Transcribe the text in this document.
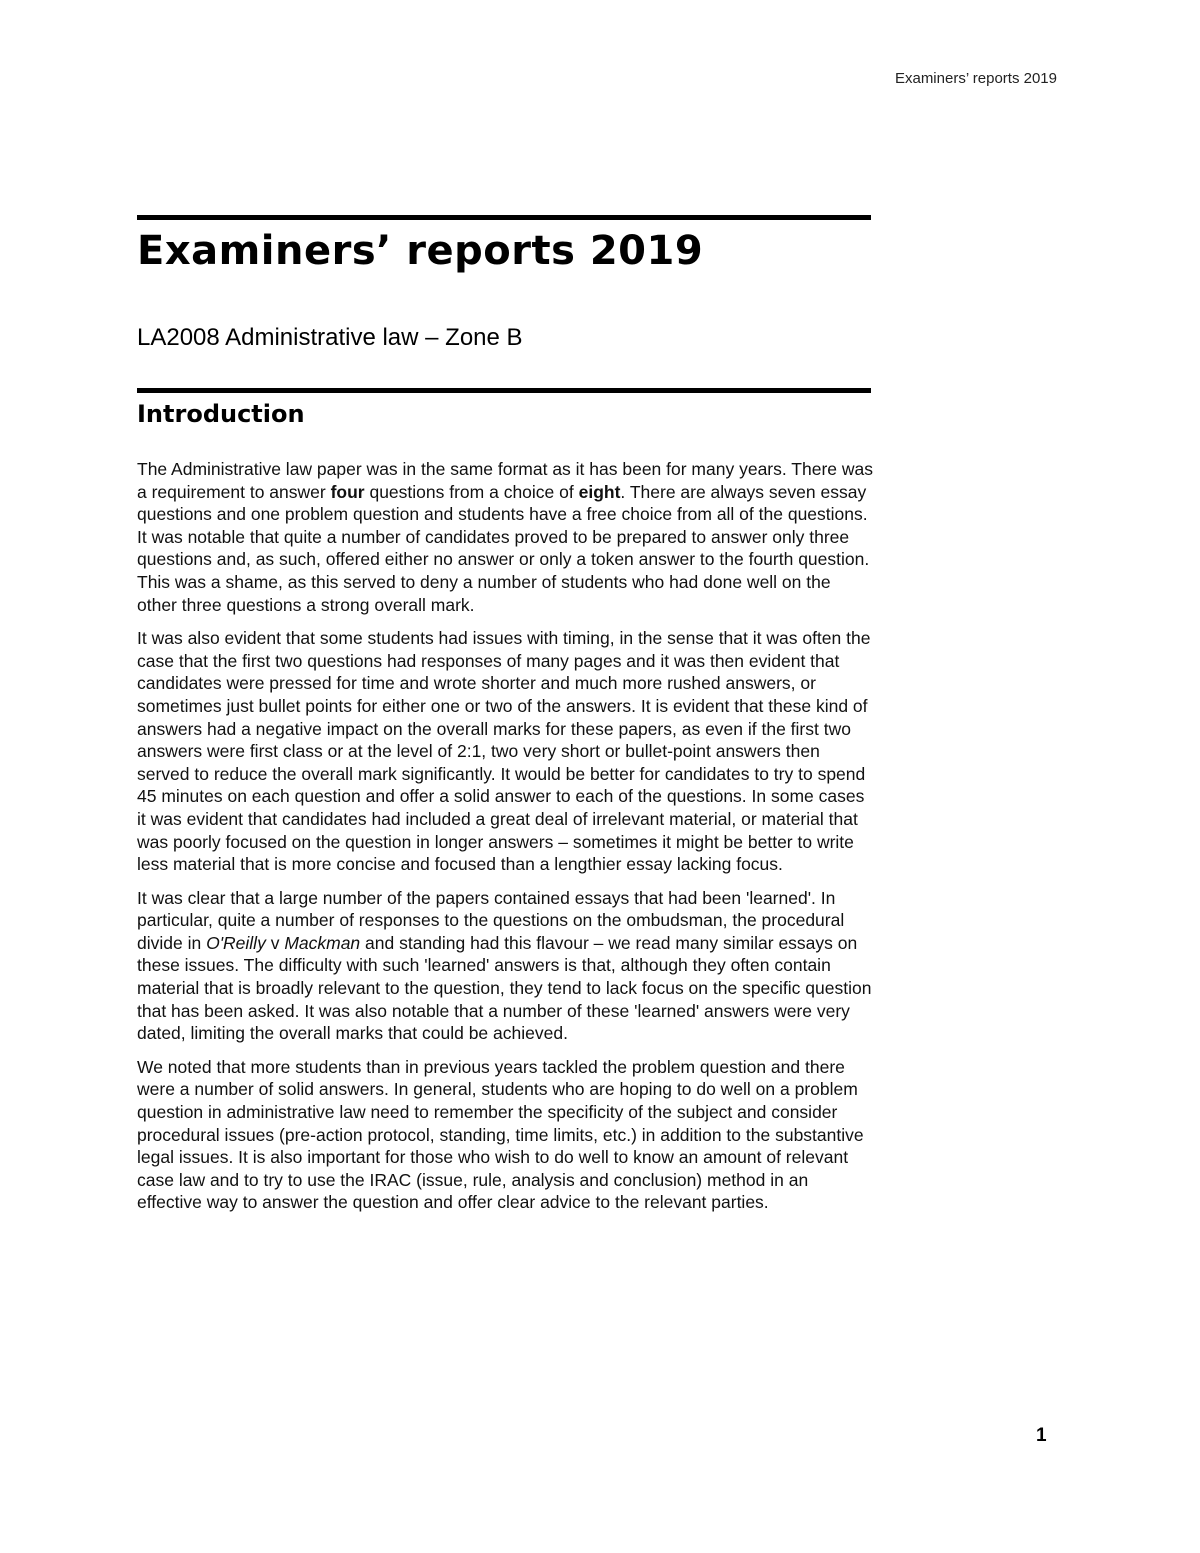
Examiners’ reports 2019
Examiners’ reports 2019
LA2008 Administrative law – Zone B
Introduction

The Administrative law paper was in the same format as it has been for many years. There was a requirement to answer four questions from a choice of eight. There are always seven essay questions and one problem question and students have a free choice from all of the questions. It was notable that quite a number of candidates proved to be prepared to answer only three questions and, as such, offered either no answer or only a token answer to the fourth question. This was a shame, as this served to deny a number of students who had done well on the other three questions a strong overall mark.

It was also evident that some students had issues with timing, in the sense that it was often the case that the first two questions had responses of many pages and it was then evident that candidates were pressed for time and wrote shorter and much more rushed answers, or sometimes just bullet points for either one or two of the answers. It is evident that these kind of answers had a negative impact on the overall marks for these papers, as even if the first two answers were first class or at the level of 2:1, two very short or bullet-point answers then served to reduce the overall mark significantly. It would be better for candidates to try to spend 45 minutes on each question and offer a solid answer to each of the questions. In some cases it was evident that candidates had included a great deal of irrelevant material, or material that was poorly focused on the question in longer answers – sometimes it might be better to write less material that is more concise and focused than a lengthier essay lacking focus.

It was clear that a large number of the papers contained essays that had been 'learned'. In particular, quite a number of responses to the questions on the ombudsman, the procedural divide in O'Reilly v Mackman and standing had this flavour – we read many similar essays on these issues. The difficulty with such 'learned' answers is that, although they often contain material that is broadly relevant to the question, they tend to lack focus on the specific question that has been asked. It was also notable that a number of these 'learned' answers were very dated, limiting the overall marks that could be achieved.

We noted that more students than in previous years tackled the problem question and there were a number of solid answers. In general, students who are hoping to do well on a problem question in administrative law need to remember the specificity of the subject and consider procedural issues (pre-action protocol, standing, time limits, etc.) in addition to the substantive legal issues. It is also important for those who wish to do well to know an amount of relevant case law and to try to use the IRAC (issue, rule, analysis and conclusion) method in an effective way to answer the question and offer clear advice to the relevant parties.

1
